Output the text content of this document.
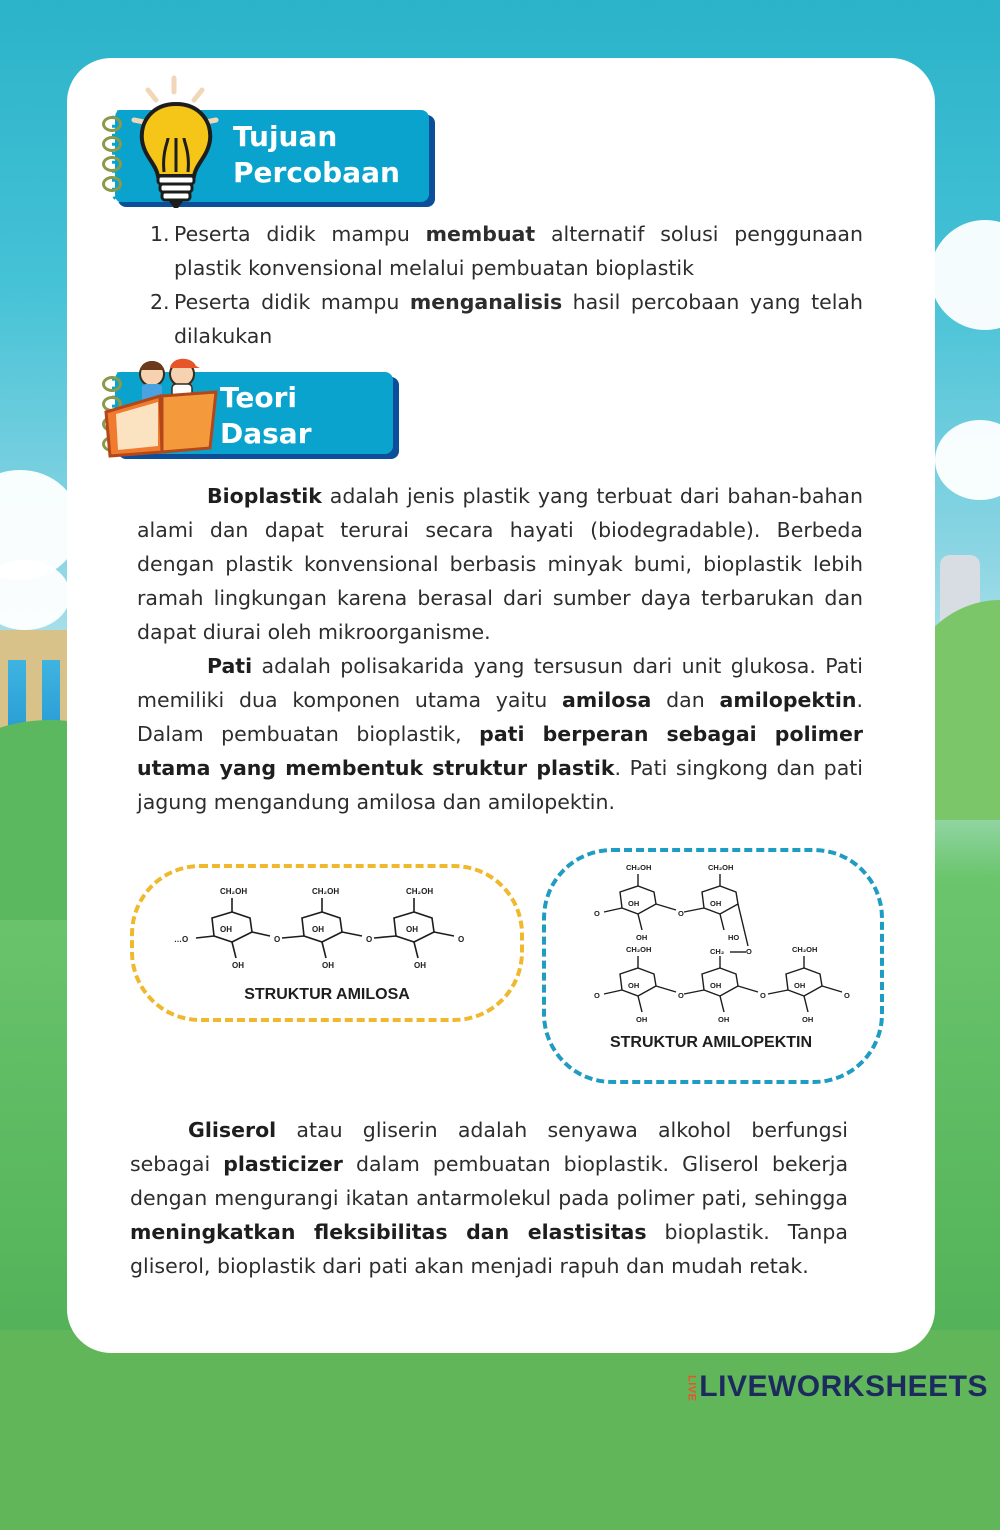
Tujuan
Percobaan
1. Peserta didik mampu membuat alternatif solusi penggunaan plastik konvensional melalui pembuatan bioplastik
2. Peserta didik mampu menganalisis hasil percobaan yang telah dilakukan
Teori
Dasar

Bioplastik adalah jenis plastik yang terbuat dari bahan-bahan alami dan dapat terurai secara hayati (biodegradable). Berbeda dengan plastik konvensional berbasis minyak bumi, bioplastik lebih ramah lingkungan karena berasal dari sumber daya terbarukan dan dapat diurai oleh mikroorganisme.

Pati adalah polisakarida yang tersusun dari unit glukosa. Pati memiliki dua komponen utama yaitu amilosa dan amilopektin. Dalam pembuatan bioplastik, pati berperan sebagai polimer utama yang membentuk struktur plastik. Pati singkong dan pati jagung mengandung amilosa dan amilopektin.

CH₂OH	CH₂OH	CH₂OH
OH	OH	OH
OH	OH	OH
…O	O	O	O
STRUKTUR AMILOSA
CH₂OH	CH₂OH
CH₂OH	CH₂	CH₂OH
OH	OH
OH	HO
OH	OH	OH
OH	OH	OH
O	O
O
O	O	O	O
STRUKTUR AMILOPEKTIN

Gliserol atau gliserin adalah senyawa alkohol berfungsi sebagai plasticizer dalam pembuatan bioplastik. Gliserol bekerja dengan mengurangi ikatan antarmolekul pada polimer pati, sehingga meningkatkan fleksibilitas dan elastisitas bioplastik. Tanpa gliserol, bioplastik dari pati akan menjadi rapuh dan mudah retak.

LIVELIVEWORKSHEETS
